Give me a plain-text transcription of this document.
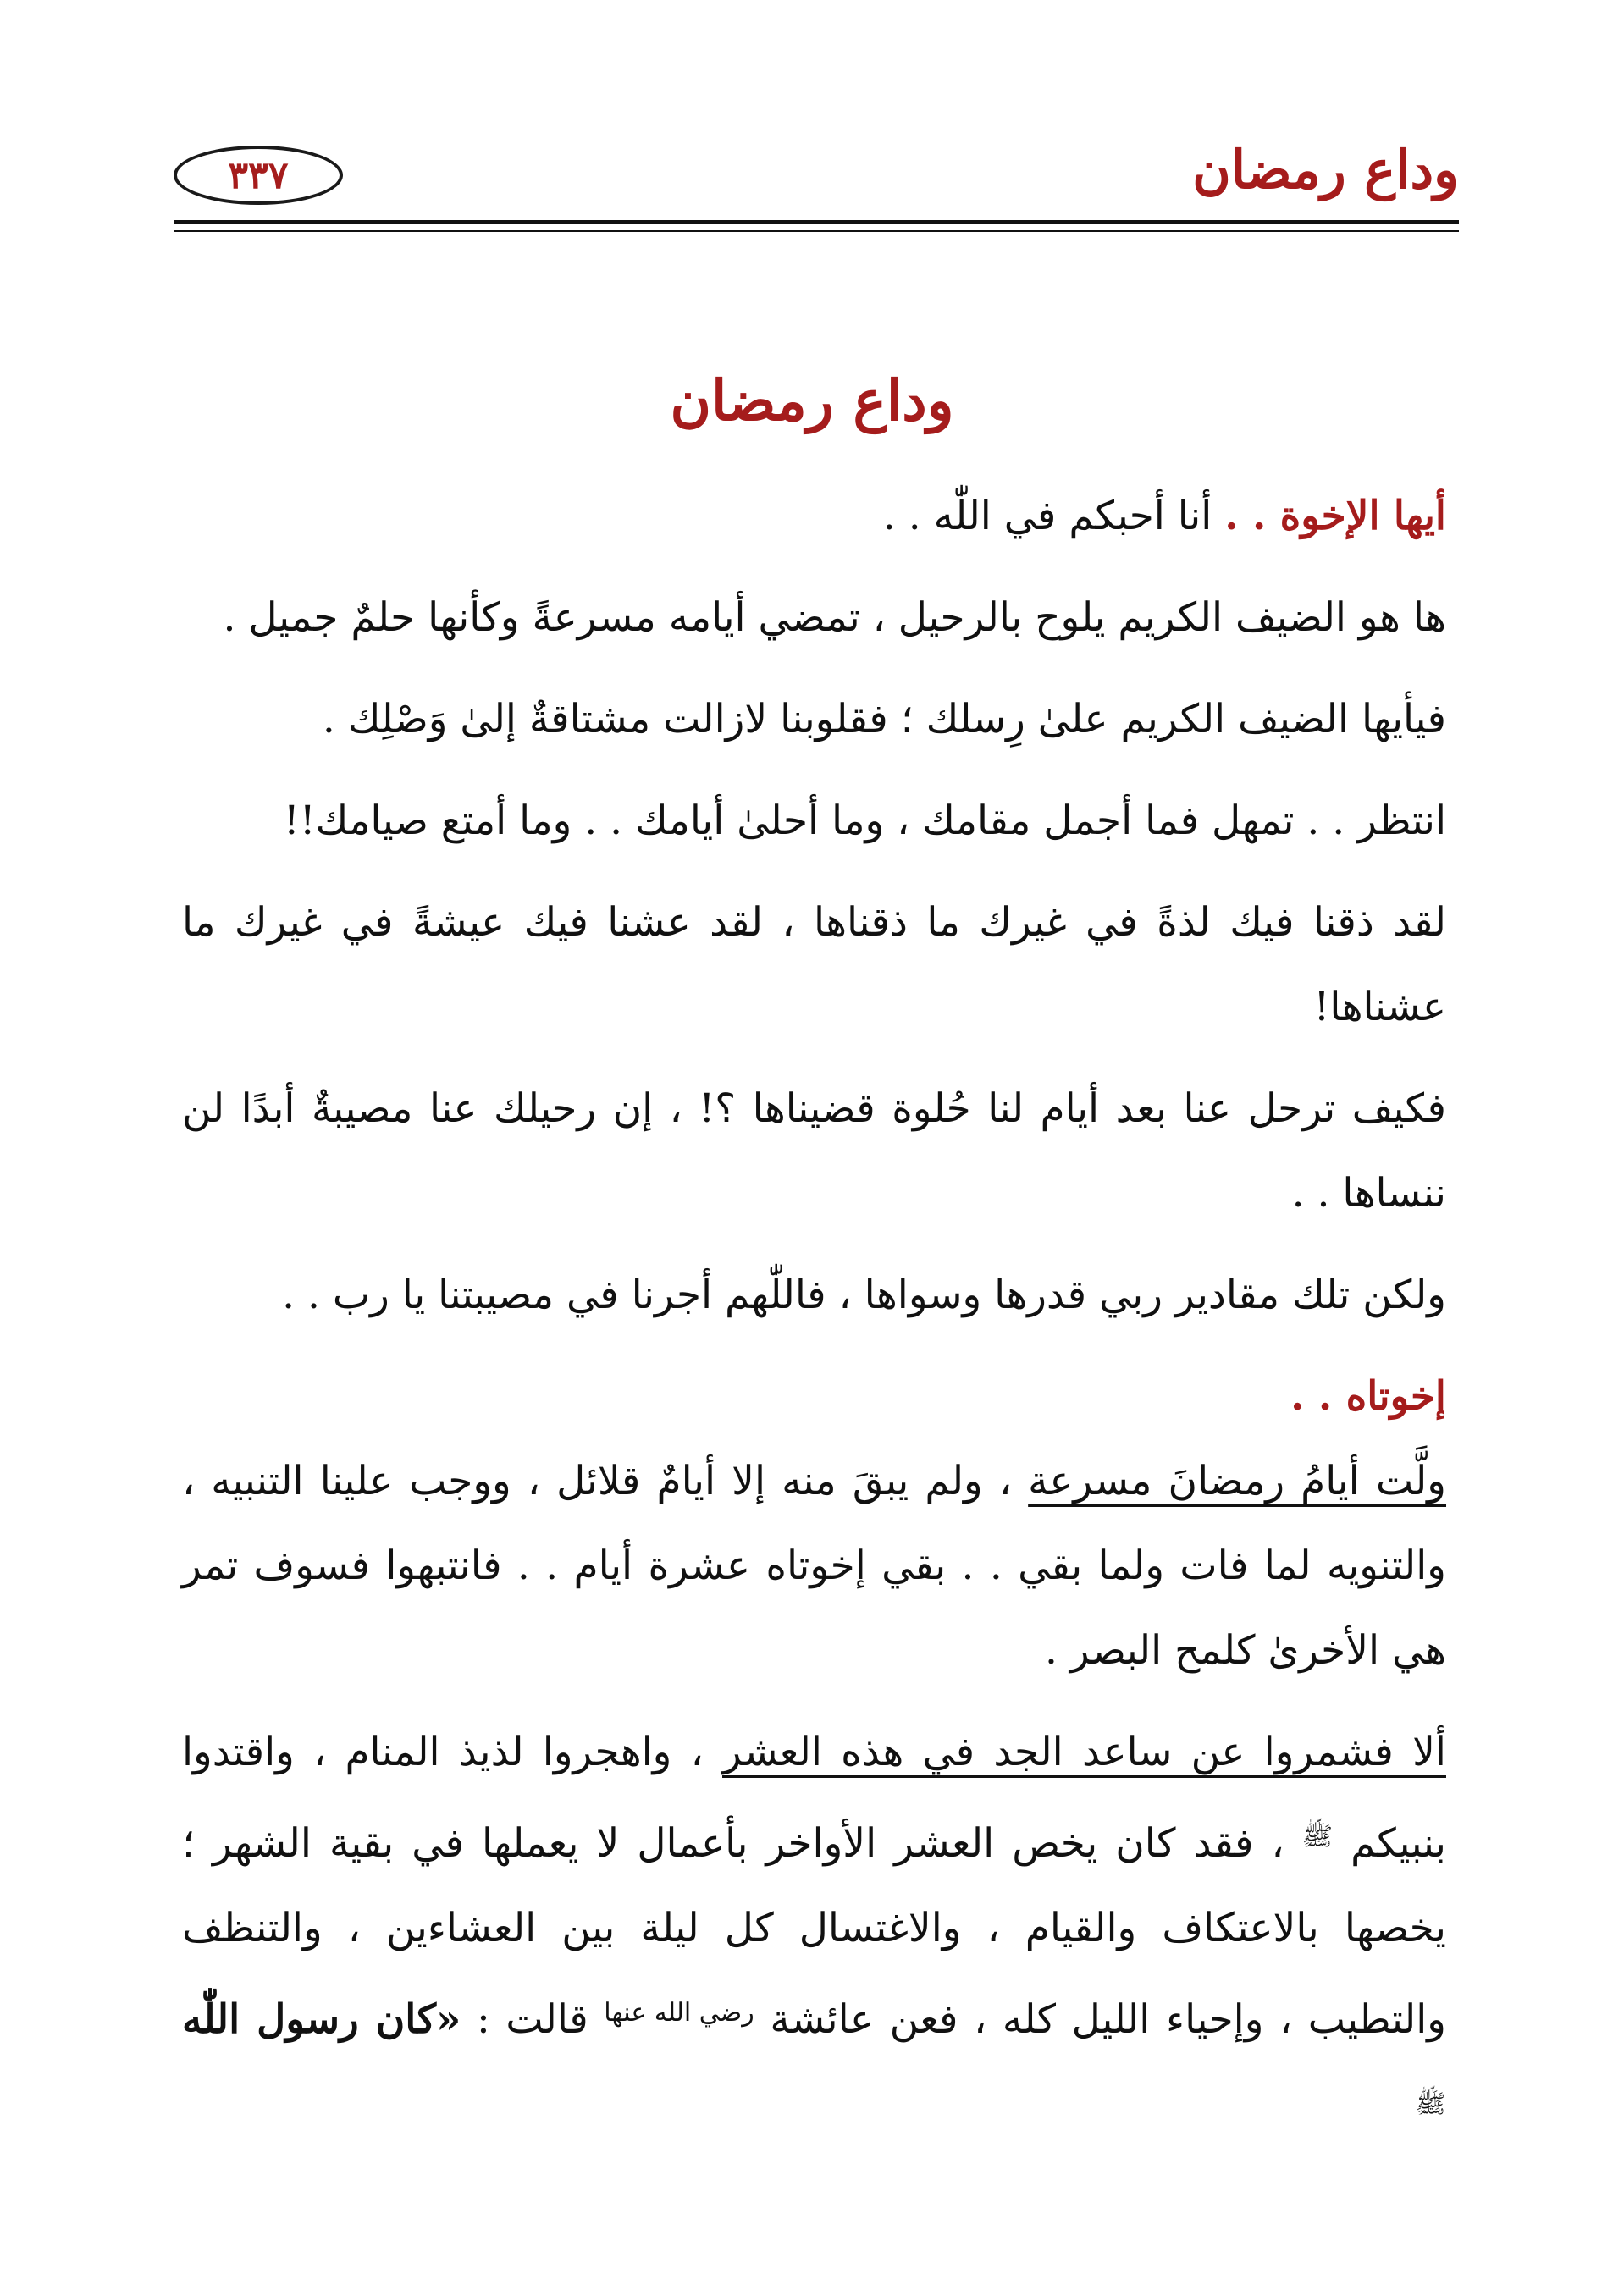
وداع رمضان
٣٣٧
وداع رمضان

أيها الإخوة . . أنا أحبكم في اللّٰه . .

ها هو الضيف الكريم يلوح بالرحيل ، تمضي أيامه مسرعةً وكأنها حلمٌ جميل .

فيأيها الضيف الكريم علىٰ رِسلك ؛ فقلوبنا لازالت مشتاقةٌ إلىٰ وَصْلِك .

انتظر . . تمهل فما أجمل مقامك ، وما أحلىٰ أيامك . . وما أمتع صيامك!!

لقد ذقنا فيك لذةً في غيرك ما ذقناها ، لقد عشنا فيك عيشةً في غيرك ما عشناها!

فكيف ترحل عنا بعد أيام لنا حُلوة قضيناها ؟! ، إن رحيلك عنا مصيبةٌ أبدًا لن ننساها . .

ولكن تلك مقادير ربي قدرها وسواها ، فاللّٰهم أجرنا في مصيبتنا يا رب . .

إخوتاه . .

ولَّت أيامُ رمضانَ مسرعة ، ولم يبقَ منه إلا أيامٌ قلائل ، ووجب علينا التنبيه ، والتنويه لما فات ولما بقي . . بقي إخوتاه عشرة أيام . . فانتبهوا فسوف تمر هي الأخرىٰ كلمح البصر .

ألا فشمروا عن ساعد الجد في هذه العشر ، واهجروا لذيذ المنام ، واقتدوا بنبيكم ﷺ ، فقد كان يخص العشر الأواخر بأعمال لا يعملها في بقية الشهر ؛ يخصها بالاعتكاف والقيام ، والاغتسال كل ليلة بين العشاءين ، والتنظف والتطيب ، وإحياء الليل كله ، فعن عائشة رضي الله عنها قالت : «كان رسول اللّٰه ﷺ
